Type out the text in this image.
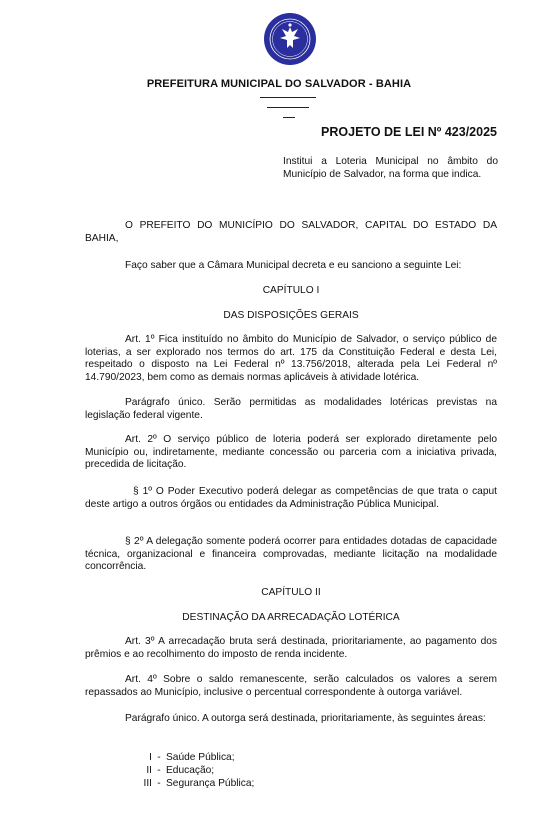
PREFEITURA MUNICIPAL DO SALVADOR - BAHIA
PROJETO DE LEI Nº 423/2025
Institui a Loteria Municipal no âmbito do Município de Salvador, na forma que indica.
O PREFEITO DO MUNICÍPIO DO SALVADOR, CAPITAL DO ESTADO DA BAHIA,
Faço saber que a Câmara Municipal decreta e eu sanciono a seguinte Lei:
CAPÍTULO I
DAS DISPOSIÇÕES GERAIS
Art. 1º Fica instituído no âmbito do Município de Salvador, o serviço público de loterias, a ser explorado nos termos do art. 175 da Constituição Federal e desta Lei, respeitado o disposto na Lei Federal nº 13.756/2018, alterada pela Lei Federal nº 14.790/2023, bem como as demais normas aplicáveis à atividade lotérica.
Parágrafo único. Serão permitidas as modalidades lotéricas previstas na legislação federal vigente.
Art. 2º O serviço público de loteria poderá ser explorado diretamente pelo Município ou, indiretamente, mediante concessão ou parceria com a iniciativa privada, precedida de licitação.
§ 1º O Poder Executivo poderá delegar as competências de que trata o caput deste artigo a outros órgãos ou entidades da Administração Pública Municipal.
§ 2º A delegação somente poderá ocorrer para entidades dotadas de capacidade técnica, organizacional e financeira comprovadas, mediante licitação na modalidade concorrência.
CAPÍTULO II
DESTINAÇÃO DA ARRECADAÇÃO LOTÉRICA
Art. 3º A arrecadação bruta será destinada, prioritariamente, ao pagamento dos prêmios e ao recolhimento do imposto de renda incidente.
Art. 4º Sobre o saldo remanescente, serão calculados os valores a serem repassados ao Município, inclusive o percentual correspondente à outorga variável.
Parágrafo único. A outorga será destinada, prioritariamente, às seguintes áreas:
I - Saúde Pública;
II - Educação;
III - Segurança Pública;
